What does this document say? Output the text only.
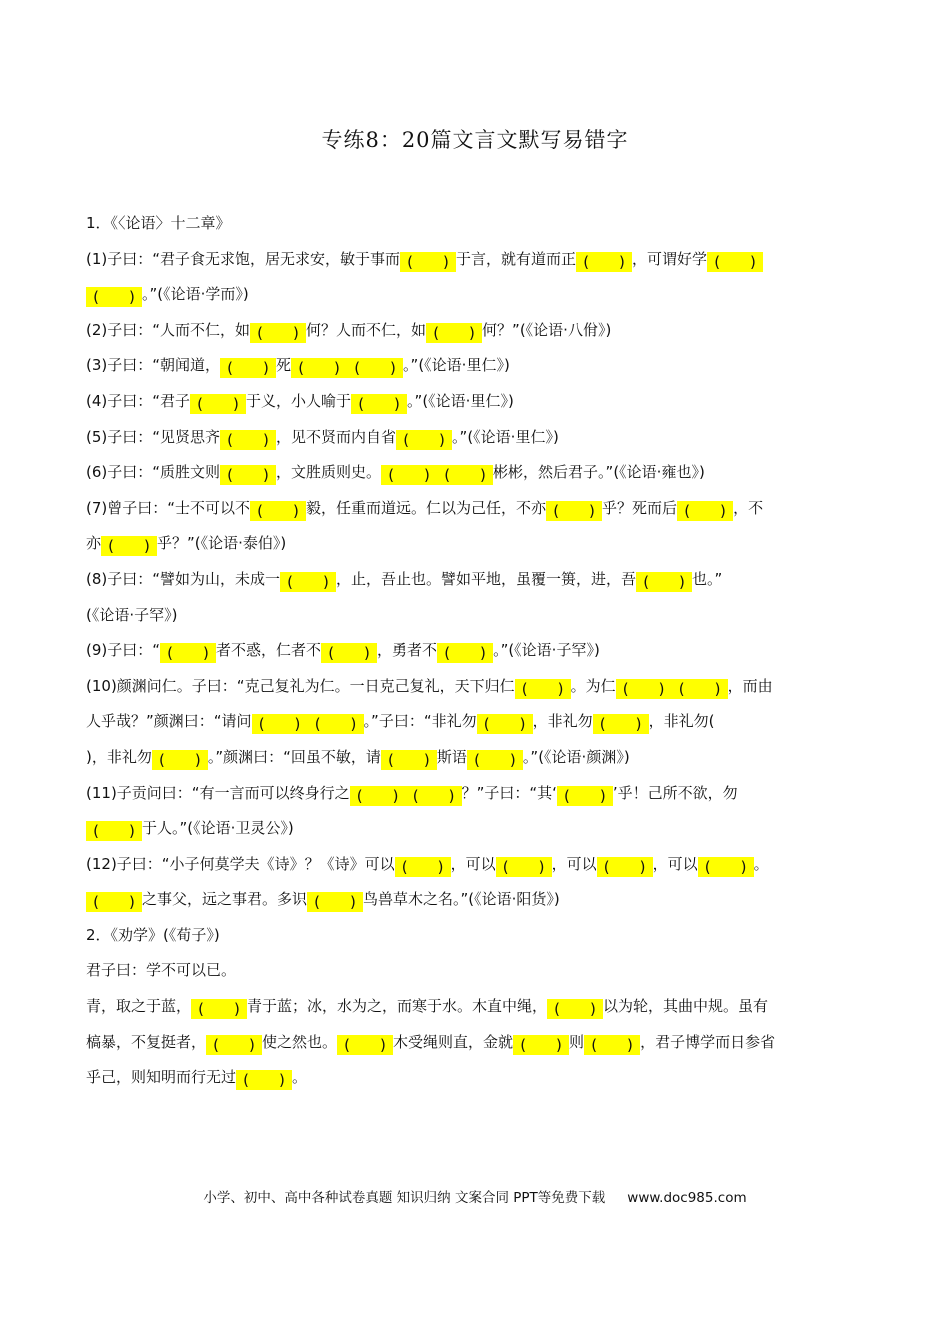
专练8：20篇文言文默写易错字
1．《〈论语〉十二章》
(1)子曰：“君子食无求饱，居无求安，敏于事而 (　　) 于言，就有道而正 (　　) ，可谓好学 (　　)
(　　) 。”(《论语·学而》)
(2)子曰：“人而不仁，如 (　　) 何？人而不仁，如 (　　) 何？”(《论语·八佾》)
(3)子曰：“朝闻道， (　　) 死 (　　) (　　) 。”(《论语·里仁》)
(4)子曰：“君子 (　　) 于义，小人喻于 (　　) 。”(《论语·里仁》)
(5)子曰：“见贤思齐 (　　) ，见不贤而内自省 (　　) 。”(《论语·里仁》)
(6)子曰：“质胜文则 (　　) ，文胜质则史。 (　　) (　　) 彬彬，然后君子。”(《论语·雍也》)
(7)曾子曰：“士不可以不 (　　) 毅，任重而道远。仁以为己任，不亦 (　　) 乎？死而后 (　　) ，不
亦 (　　) 乎？”(《论语·泰伯》)
(8)子曰：“譬如为山，未成一 (　　) ，止，吾止也。譬如平地，虽覆一篑，进，吾 (　　) 也。”
(《论语·子罕》)
(9)子曰：“ (　　) 者不惑，仁者不 (　　) ，勇者不 (　　) 。”(《论语·子罕》)
(10)颜渊问仁。子曰：“克己复礼为仁。一日克己复礼，天下归仁 (　　) 。为仁 (　　) (　　) ，而由
人乎哉？”颜渊曰：“请问 (　　) (　　) 。”子曰：“非礼勿 (　　) ，非礼勿 (　　) ，非礼勿(
)，非礼勿 (　　) 。”颜渊曰：“回虽不敏，请 (　　) 斯语 (　　) 。”(《论语·颜渊》)
(11)子贡问曰：“有一言而可以终身行之 (　　) (　　) ？”子曰：“其‘ (　　) ’乎！己所不欲，勿
(　　) 于人。”(《论语·卫灵公》)
(12)子曰：“小子何莫学夫《诗》？《诗》可以 (　　) ，可以 (　　) ，可以 (　　) ，可以 (　　) 。
(　　) 之事父，远之事君。多识 (　　) 鸟兽草木之名。”(《论语·阳货》)
2．《劝学》(《荀子》)
君子曰：学不可以已。
青，取之于蓝， (　　) 青于蓝；冰，水为之，而寒于水。木直中绳， (　　) 以为轮，其曲中规。虽有
槁暴，不复挺者， (　　) 使之然也。 (　　) 木受绳则直，金就 (　　) 则 (　　) ，君子博学而日参省
乎己，则知明而行无过 (　　) 。
小学、初中、高中各种试卷真题 知识归纳 文案合同 PPT等免费下载 www.doc985.com
